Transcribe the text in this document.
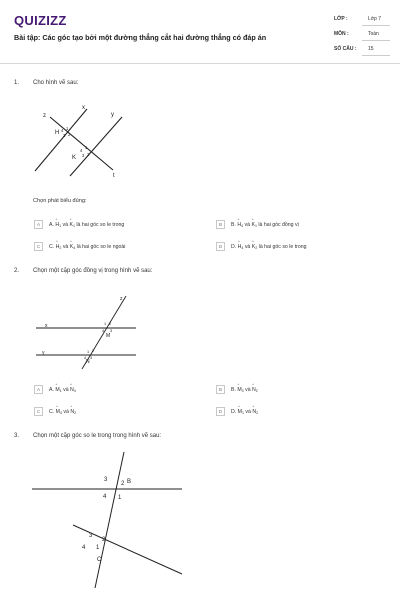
QUIZIZZ
Bài tập: Các góc tạo bởi một đường thẳng cắt hai đường thẳng có đáp án
LỚP :	Lớp 7
MÔN :	Toán
SỐ CÂU : 15
1. Cho hình vẽ sau:
x
y
z
t
H
K
1
2
3
4
1
2
3
4
Chọn phát biểu đúng:
A	A. ^ $H_1$ và ^ $K_1$ là hai góc so le trong	B	B. ^ $H_4$ và ^ $K_1$ là hai góc đồng vị
C	C. ^ $H_2$ và ^ $K_4$ là hai góc so le ngoài	D	D. ^ $H_4$ và ^ $K_2$ là hai góc so le trong
2. Chọn một cặp góc đồng vị trong hình vẽ sau:
x
y
z
M
N
1 2
3
4
1 2
3
4
A	A. ^ $M_1$ và ^ $N_4$	B	B. ^ $M_3$ và ^ $N_2$
C	C. ^ $M_4$ và ^ $N_2$	D	D. ^ $M_1$ và ^ $N_2$
3. Chọn một cặp góc so le trong trong hình vẽ sau:
3
2 B
4 1
3
2
4 1
C
